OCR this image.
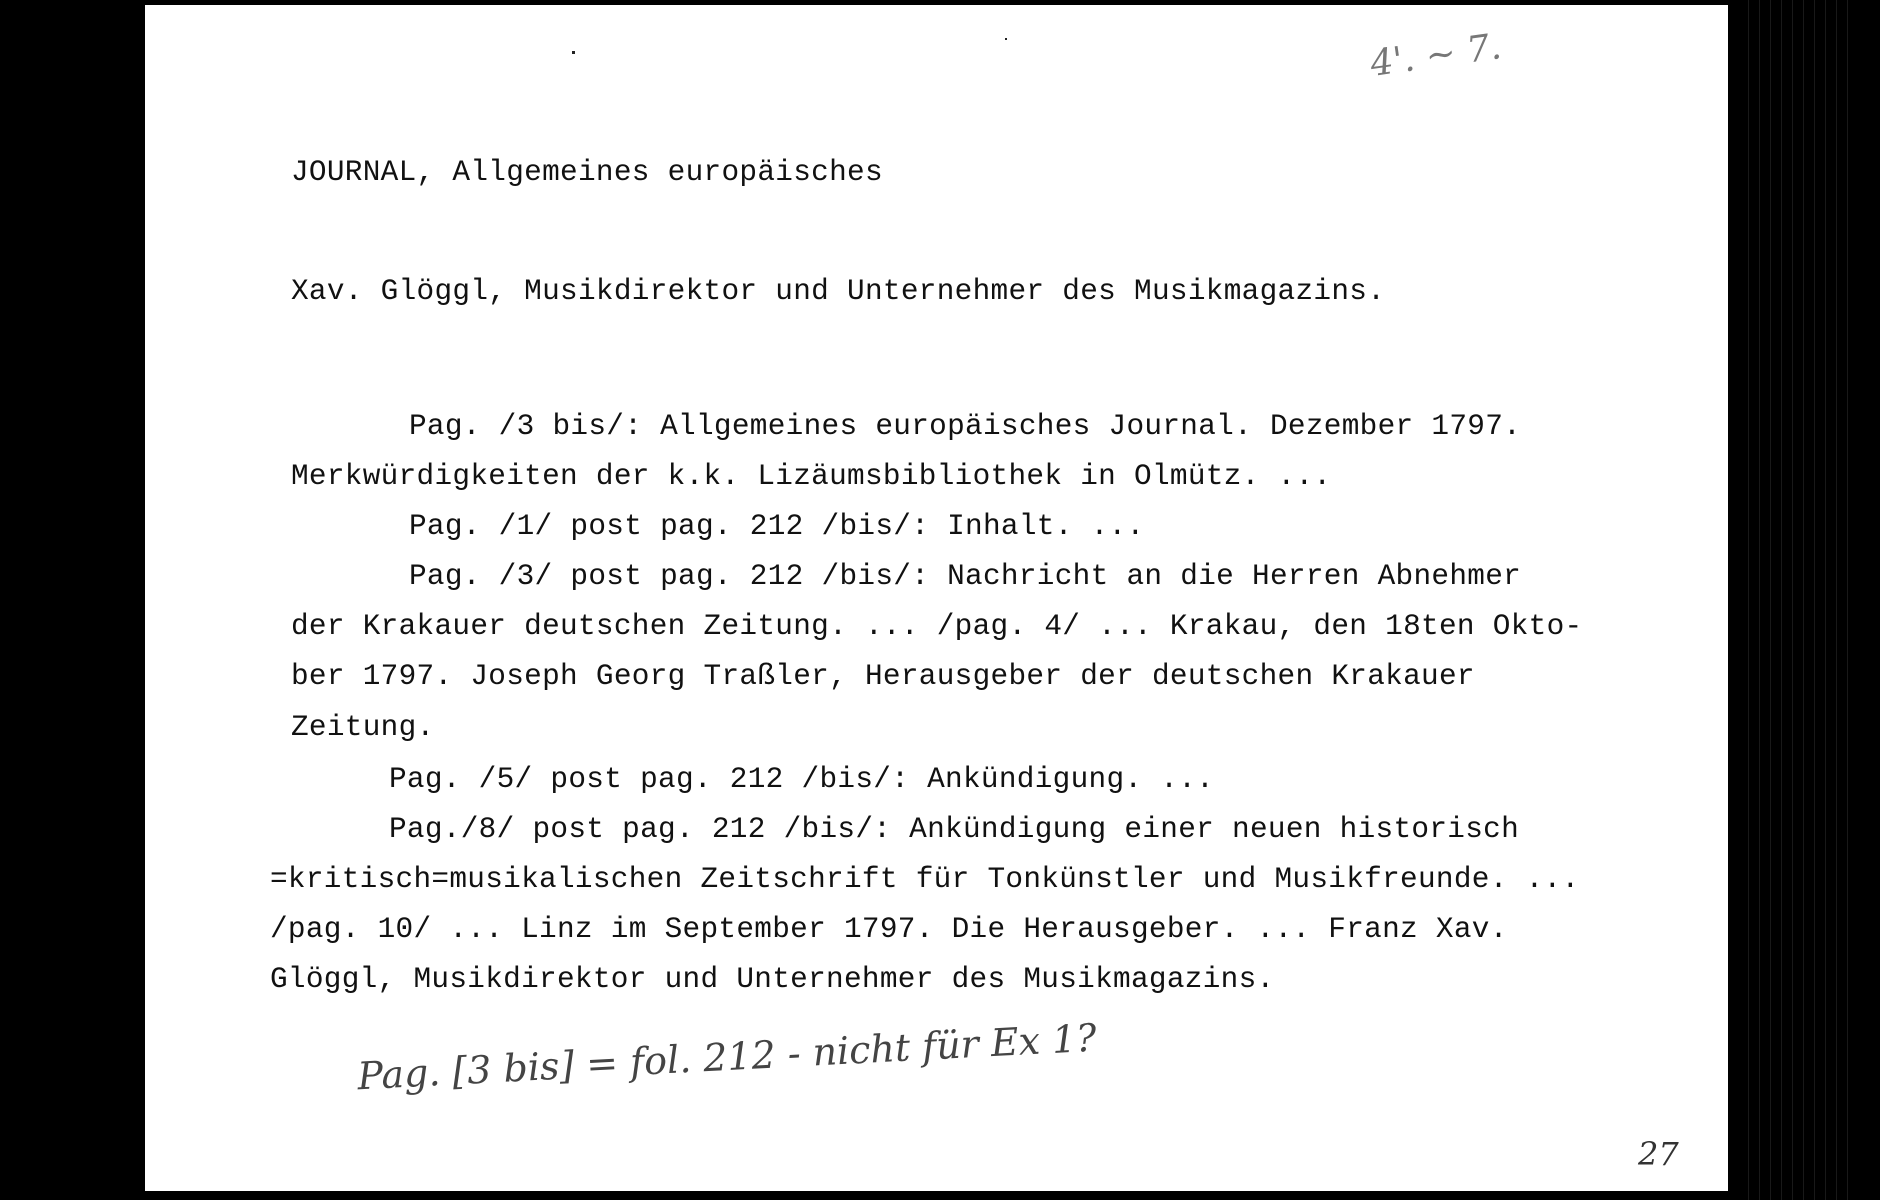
4'. ~ 7.
JOURNAL, Allgemeines europäisches
Xav. Glöggl, Musikdirektor und Unternehmer des Musikmagazins.
Pag. /3 bis/: Allgemeines europäisches Journal. Dezember 1797.
Merkwürdigkeiten der k.k. Lizäumsbibliothek in Olmütz. ...
Pag. /1/ post pag. 212 /bis/: Inhalt. ...
Pag. /3/ post pag. 212 /bis/: Nachricht an die Herren Abnehmer
der Krakauer deutschen Zeitung. ... /pag. 4/ ... Krakau, den 18ten Okto-
ber 1797. Joseph Georg Traßler, Herausgeber der deutschen Krakauer
Zeitung.
Pag. /5/ post pag. 212 /bis/: Ankündigung. ...
Pag./8/ post pag. 212 /bis/: Ankündigung einer neuen historisch
=kritisch=musikalischen Zeitschrift für Tonkünstler und Musikfreunde. ...
/pag. 10/ ... Linz im September 1797. Die Herausgeber. ... Franz Xav.
Glöggl, Musikdirektor und Unternehmer des Musikmagazins.
Pag. [3 bis] = fol. 212 - nicht für Ex 1?
27
